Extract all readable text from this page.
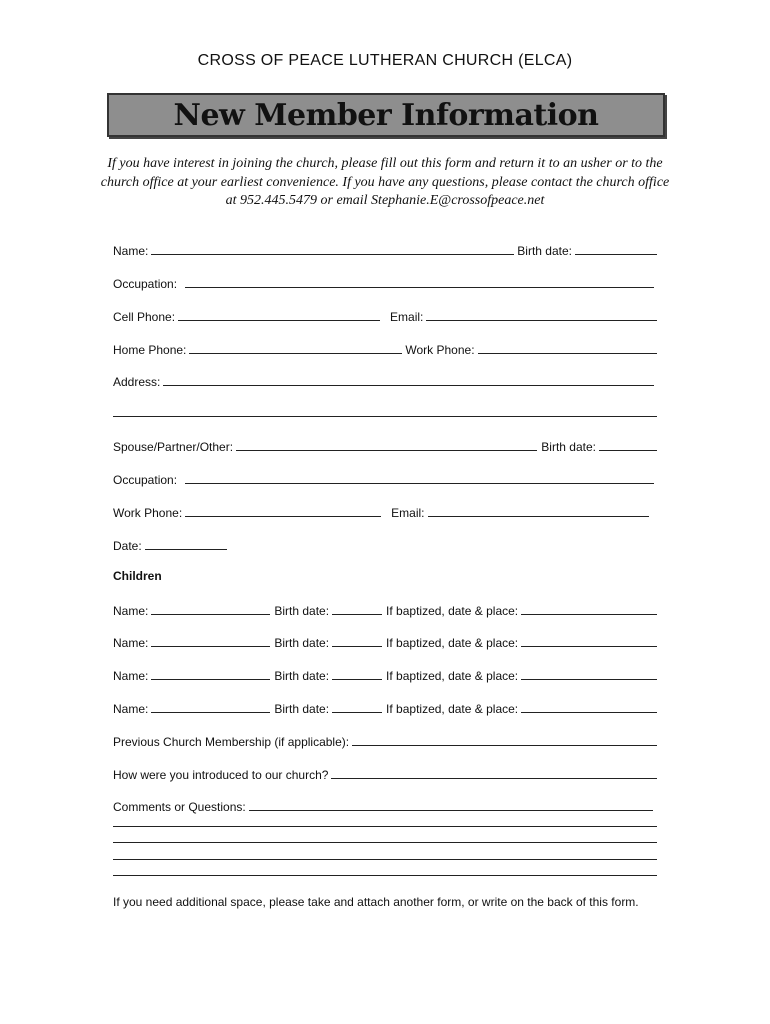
CROSS OF PEACE LUTHERAN CHURCH (ELCA)
New Member Information
If you have interest in joining the church, please fill out this form and return it to an usher or to the church office at your earliest convenience. If you have any questions, please contact the church office at 952.445.5479 or email Stephanie.E@crossofpeace.net
Name:	Birth date:
Occupation:
Cell Phone:	Email:
Home Phone:	Work Phone:
Address:
Spouse/Partner/Other:	Birth date:
Occupation:
Work Phone:	Email:
Date:
Children
Name:	Birth date:	If baptized, date & place:
Name:	Birth date:	If baptized, date & place:
Name:	Birth date:	If baptized, date & place:
Name:	Birth date:	If baptized, date & place:
Previous Church Membership (if applicable):
How were you introduced to our church?
Comments or Questions:
If you need additional space, please take and attach another form, or write on the back of this form.
